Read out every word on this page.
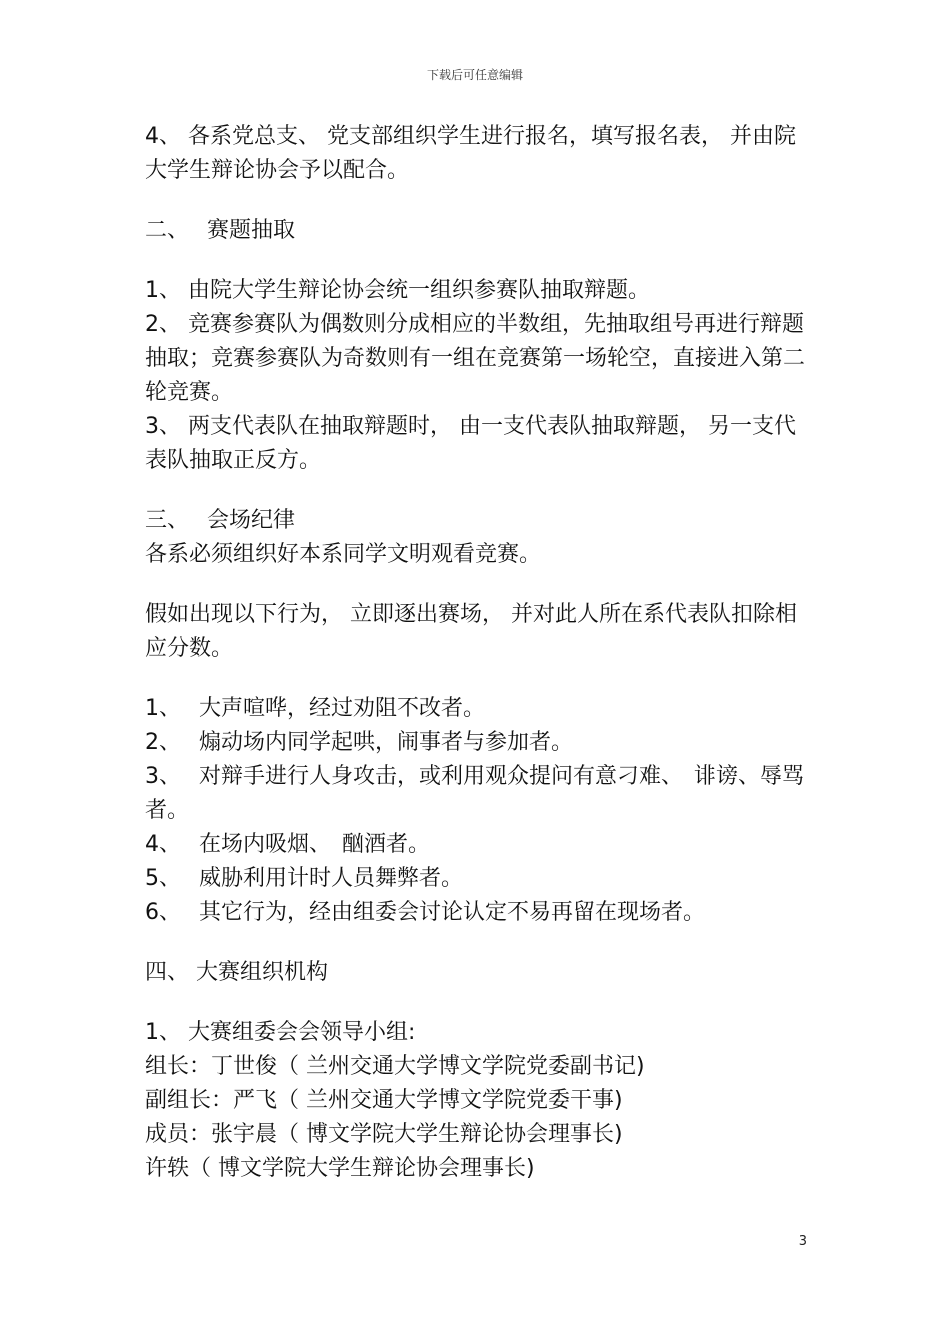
下载后可任意编辑

4、 各系党总支、 党支部组织学生进行报名，填写报名表， 并由院大学生辩论协会予以配合。

二、　 赛题抽取

1、 由院大学生辩论协会统一组织参赛队抽取辩题。

2、 竞赛参赛队为偶数则分成相应的半数组，先抽取组号再进行辩题抽取；竞赛参赛队为奇数则有一组在竞赛第一场轮空，直接进入第二轮竞赛。

3、 两支代表队在抽取辩题时， 由一支代表队抽取辩题， 另一支代表队抽取正反方。

三、　 会场纪律

各系必须组织好本系同学文明观看竞赛。

假如出现以下行为， 立即逐出赛场， 并对此人所在系代表队扣除相应分数。

1、　 大声喧哗，经过劝阻不改者。

2、　 煽动场内同学起哄，闹事者与参加者。

3、　 对辩手进行人身攻击，或利用观众提问有意刁难、　诽谤、辱骂者。

4、　 在场内吸烟、　酗酒者。

5、　 威胁利用计时人员舞弊者。

6、　 其它行为，经由组委会讨论认定不易再留在现场者。

四、 大赛组织机构

1、 大赛组委会会领导小组:

组长：丁世俊（ 兰州交通大学博文学院党委副书记)

副组长：严飞（ 兰州交通大学博文学院党委干事)

成员：张宇晨（ 博文学院大学生辩论协会理事长)

许轶（ 博文学院大学生辩论协会理事长)

3
